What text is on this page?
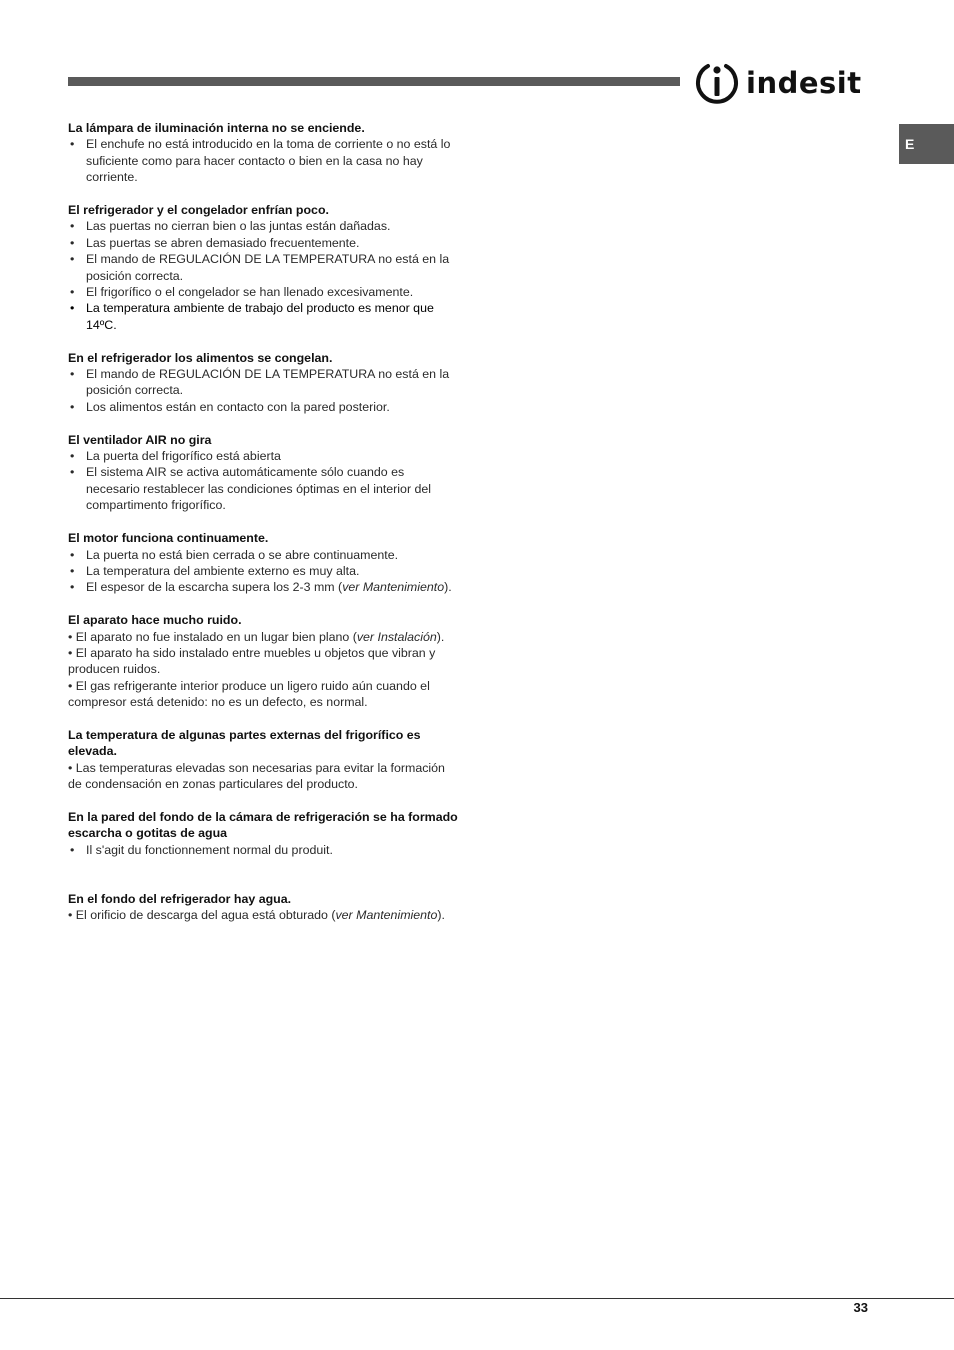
indesit
E
La lámpara de iluminación interna no se enciende.
• El enchufe no está introducido en la toma de corriente o no está lo suficiente como para hacer contacto o bien en la casa no hay corriente.
El refrigerador y el congelador enfrían poco.
• Las puertas no cierran bien o las juntas están dañadas.
• Las puertas se abren demasiado frecuentemente.
• El mando de REGULACIÓN DE LA TEMPERATURA no está en la posición correcta.
• El frigorífico o el congelador se han llenado excesivamente.
• La temperatura ambiente de trabajo del producto es menor que 14ºC.
En el refrigerador los alimentos se congelan.
• El mando de REGULACIÓN DE LA TEMPERATURA no está en la posición correcta.
• Los alimentos están en contacto con la pared posterior.
El ventilador AIR no gira
• La puerta del frigorífico está abierta
• El sistema AIR se activa automáticamente sólo cuando es necesario restablecer las condiciones óptimas en el interior del compartimento frigorífico.
El motor funciona continuamente.
• La puerta no está bien cerrada o se abre continuamente.
• La temperatura del ambiente externo es muy alta.
• El espesor de la escarcha supera los 2-3 mm (ver Mantenimiento).
El aparato hace mucho ruido.

• El aparato no fue instalado en un lugar bien plano (ver Instalación).

• El aparato ha sido instalado entre muebles u objetos que vibran y producen ruidos.

• El gas refrigerante interior produce un ligero ruido aún cuando el compresor está detenido: no es un defecto, es normal.

La temperatura de algunas partes externas del frigorífico es elevada.

• Las temperaturas elevadas son necesarias para evitar la formación de condensación en zonas particulares del producto.

En la pared del fondo de la cámara de refrigeración se ha formado escarcha o gotitas de agua
• Il s'agit du fonctionnement normal du produit.
En el fondo del refrigerador hay agua.

• El orificio de descarga del agua está obturado (ver Mantenimiento).

33
